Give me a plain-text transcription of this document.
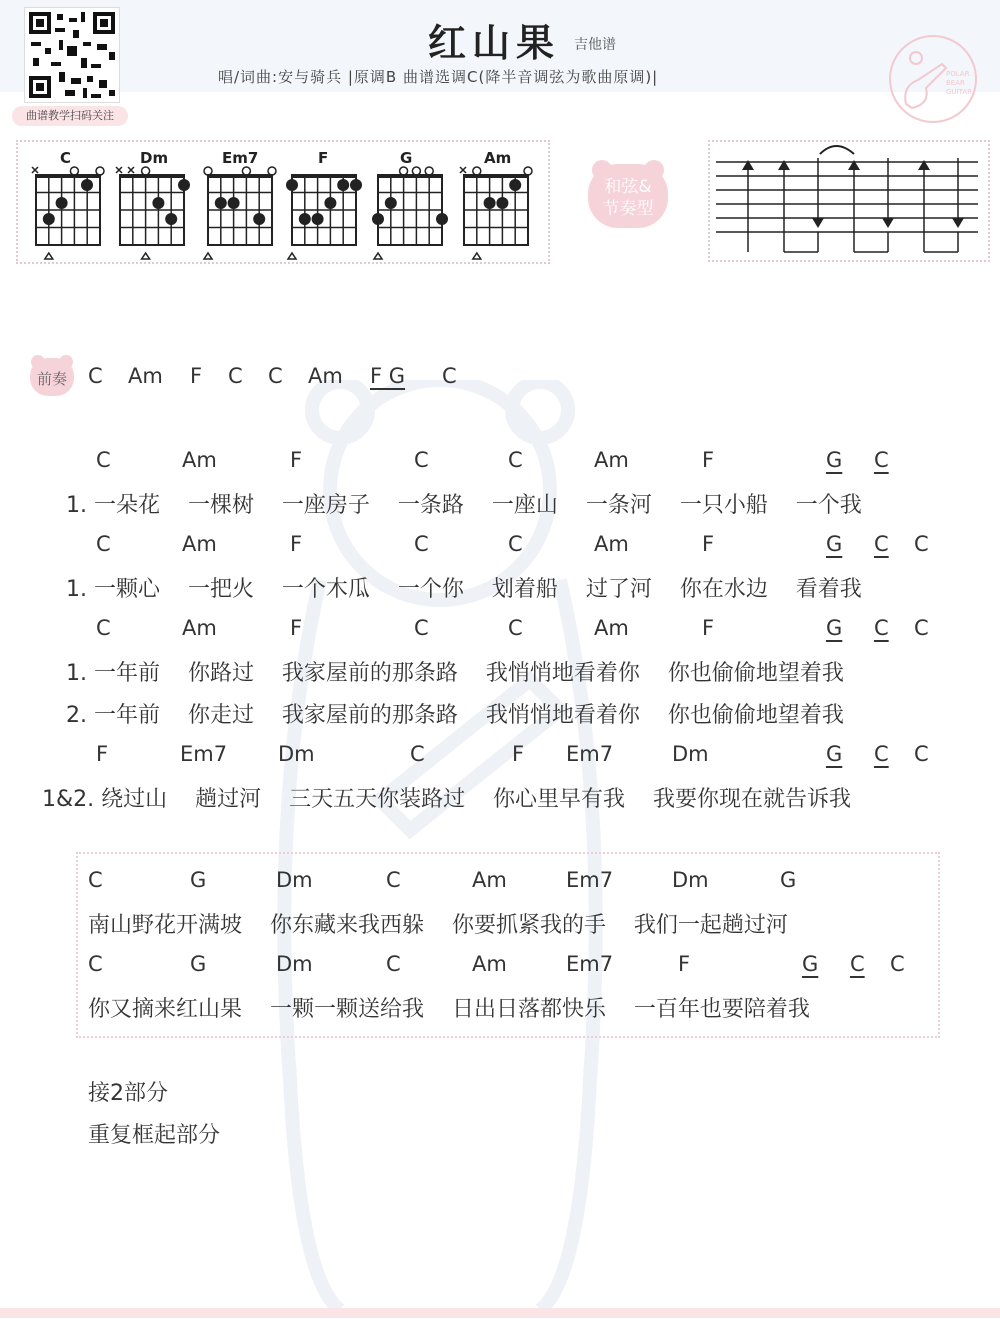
曲谱教学扫码关注
红山果 吉他谱
唱/词曲:安与骑兵 |原调B 曲谱选调C(降半音调弦为歌曲原调)|	POLAR
BEAR
GUITAR
C	Dm	Em7	F	G	Am
和弦&
节奏型
前奏	C Am F C C Am F G C
C	Am	F	C	C	Am	F	G	C
1. 一朵花    一棵树    一座房子    一条路    一座山    一条河    一只小船    一个我
C	Am	F	C	C	Am	F	G	C C
1. 一颗心    一把火    一个木瓜    一个你    划着船    过了河    你在水边    看着我
C	Am	F	C	C	Am	F	G	C C
1. 一年前    你路过    我家屋前的那条路    我悄悄地看着你    你也偷偷地望着我
2. 一年前    你走过    我家屋前的那条路    我悄悄地看着你    你也偷偷地望着我
F	Em7 Dm	C	F Em7	Dm	G	C C
1&2. 绕过山    趟过河    三天五天你装路过    你心里早有我    我要你现在就告诉我
C	G	Dm	C	Am	Em7	Dm	G
南山野花开满坡    你东藏来我西躲    你要抓紧我的手    我们一起趟过河
C	G	Dm	C	Am	Em7	F	G	C C
你又摘来红山果    一颗一颗送给我    日出日落都快乐    一百年也要陪着我
接2部分
重复框起部分
